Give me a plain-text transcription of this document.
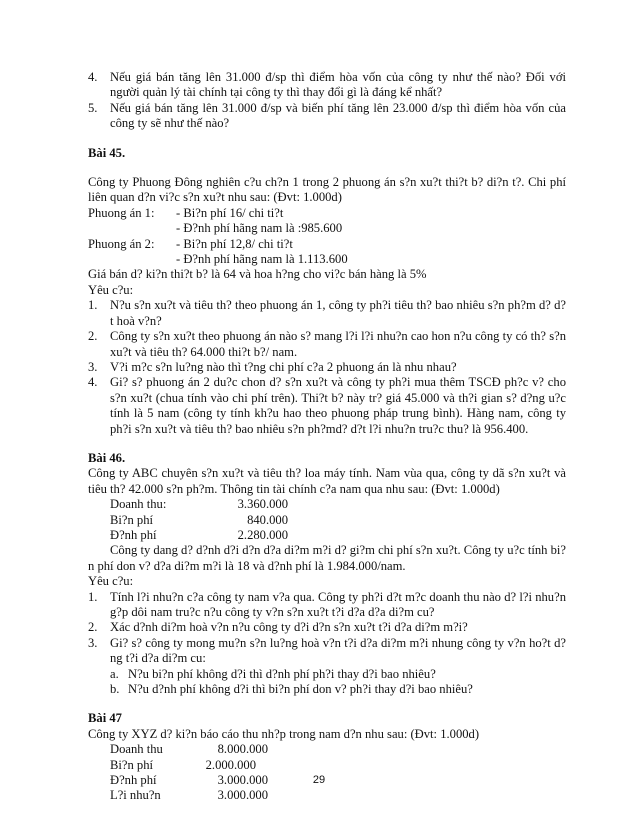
4. Nếu giá bán tăng lên 31.000 đ/sp thì điểm hòa vốn của công ty như thế nào? Đối với người quản lý tài chính tại công ty thì thay đổi gì là đáng kể nhất?
5. Nếu giá bán tăng lên 31.000 đ/sp và biến phí tăng lên 23.000 đ/sp thì điểm hòa vốn của công ty sẽ như thế nào?

Bài 45.

Công ty Phuong Đông nghiên c?u ch?n 1 trong 2 phuong án s?n xu?t thi?t b? di?n t?. Chi phí liên quan d?n vi?c s?n xu?t nhu sau: (Đvt: 1.000d)

Phuong án 1:	- Bi?n phí 16/ chi ti?t
- Đ?nh phí hãng nam là :985.600
Phuong án 2:	- Bi?n phí 12,8/ chi ti?t
- Đ?nh phí hãng nam là 1.113.600

Giá bán d? ki?n thi?t b? là 64 và hoa h?ng cho vi?c bán hàng là 5%

Yêu c?u:

1. N?u s?n xu?t và tiêu th? theo phuong án 1, công ty ph?i tiêu th? bao nhiêu s?n ph?m d? d?t hoà v?n?
2. Công ty s?n xu?t theo phuong án nào s? mang l?i l?i nhu?n cao hon n?u công ty có th? s?n xu?t và tiêu th? 64.000 thi?t b?/ nam.
3. V?i m?c s?n lu?ng nào thì t?ng chi phí c?a 2 phuong án là nhu nhau?
4. Gi? s? phuong án 2 du?c chon d? s?n xu?t và công ty ph?i mua thêm TSCĐ ph?c v? cho s?n xu?t (chua tính vào chi phí trên). Thi?t b? này tr? giá 45.000 và th?i gian s? d?ng u?c tính là 5 nam (công ty tính kh?u hao theo phuong pháp trung bình). Hàng nam, công ty ph?i s?n xu?t và tiêu th? bao nhiêu s?n ph?md? d?t l?i nhu?n tru?c thu? là 956.400.

Bài 46.

Công ty ABC chuyên s?n xu?t và tiêu th? loa máy tính. Nam vùa qua, công ty dã s?n xu?t và tiêu th? 42.000 s?n ph?m. Thông tin tài chính c?a nam qua nhu sau: (Đvt: 1.000d)

Doanh thu:	3.360.000
Bi?n phí	840.000
Đ?nh phí	2.280.000

Công ty dang d? d?nh d?i d?n d?a di?m m?i d? gi?m chi phí s?n xu?t. Công ty u?c tính bi?n phí don v? d?a di?m m?i là 18 và d?nh phí là 1.984.000/nam.

Yêu c?u:

1. Tính l?i nhu?n c?a công ty nam v?a qua. Công ty ph?i d?t m?c doanh thu nào d? l?i nhu?n g?p dôi nam tru?c n?u công ty v?n s?n xu?t t?i d?a d?a di?m cu?
2. Xác d?nh di?m hoà v?n n?u công ty d?i d?n s?n xu?t t?i d?a di?m m?i?
3. Gi? s? công ty mong mu?n s?n lu?ng hoà v?n t?i d?a di?m m?i nhung công ty v?n ho?t d?ng t?i d?a di?m cu:
a. N?u bi?n phí không d?i thì d?nh phí ph?i thay d?i bao nhiêu?
b. N?u d?nh phí không d?i thì bi?n phí don v? ph?i thay d?i bao nhiêu?

Bài 47

Công ty XYZ d? ki?n báo cáo thu nh?p trong nam d?n nhu sau: (Đvt: 1.000d)

Doanh thu	8.000.000
Bi?n phí	2.000.000
Đ?nh phí	3.000.000
L?i nhu?n	3.000.000
29
